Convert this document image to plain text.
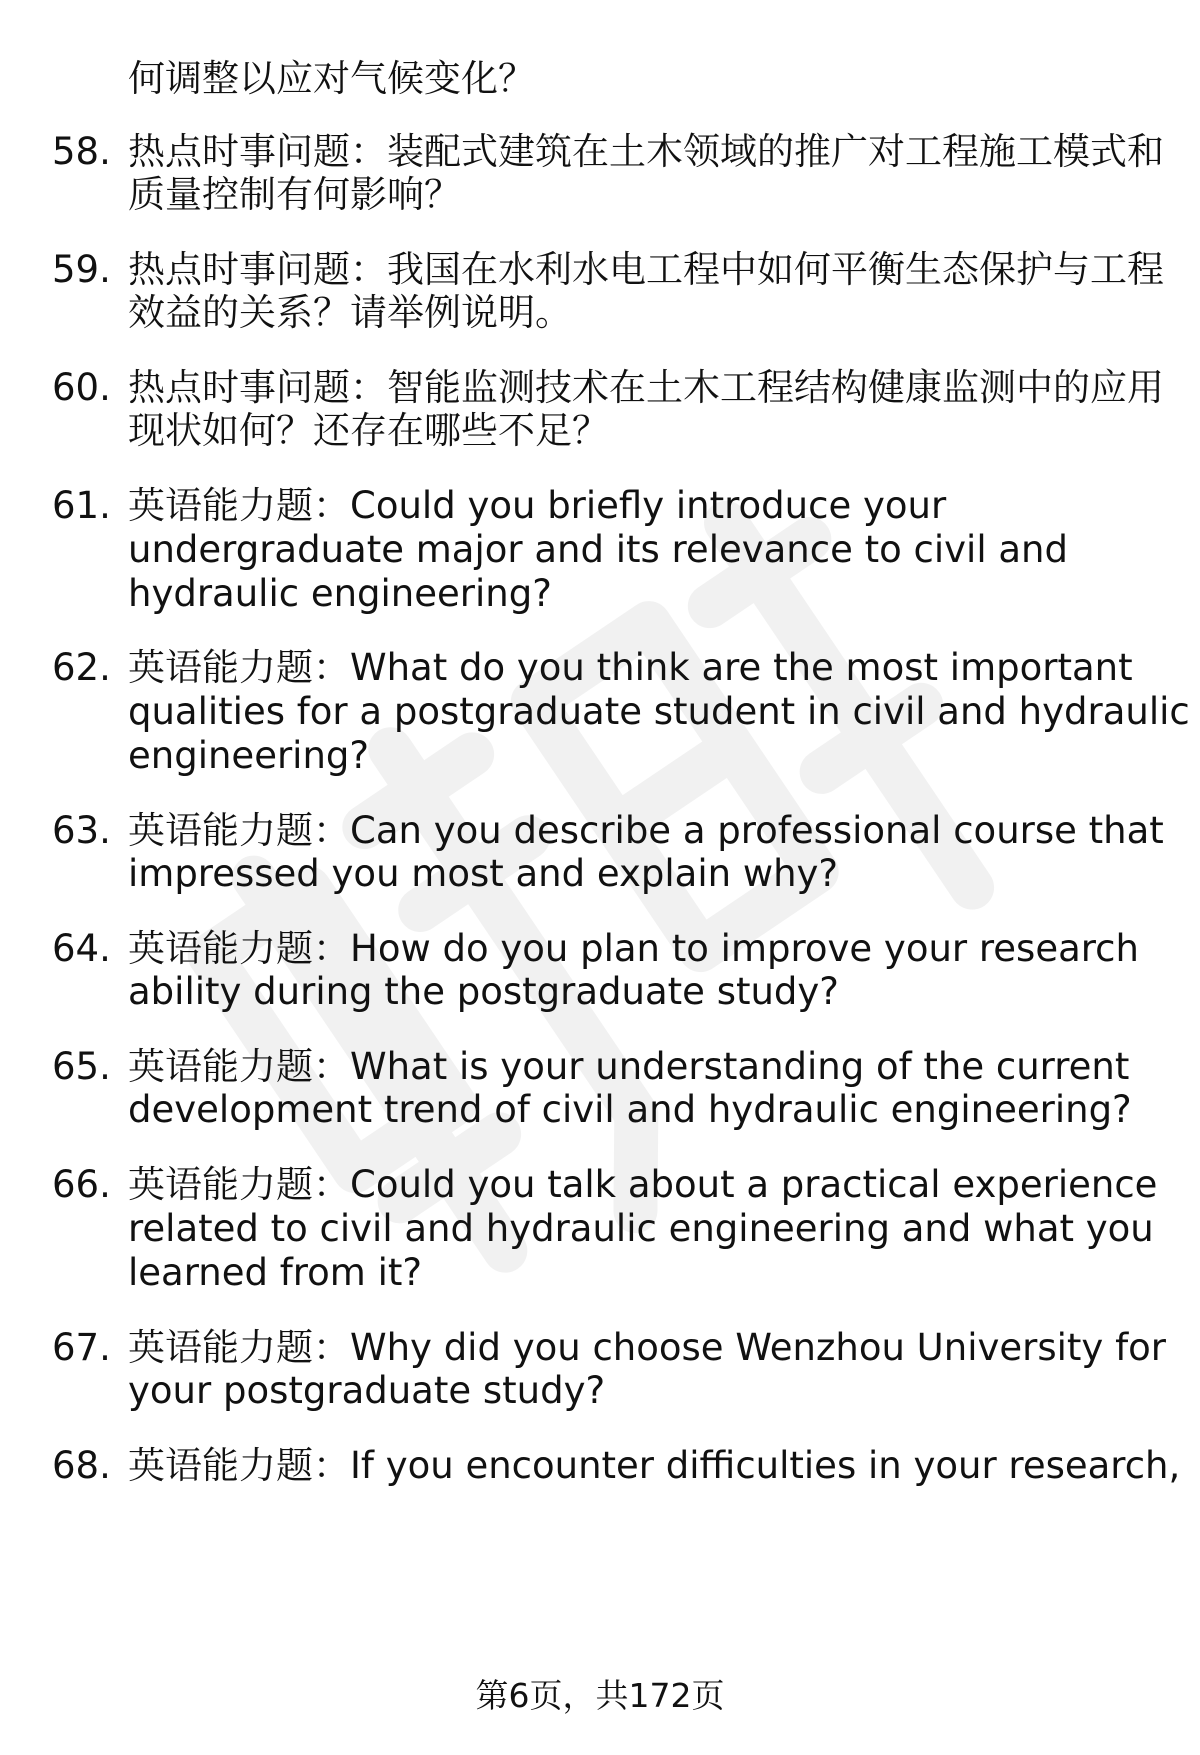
何调整以应对气候变化？
58. 热点时事问题：装配式建筑在土木领域的推广对工程施工模式和
质量控制有何影响？
59. 热点时事问题：我国在水利水电工程中如何平衡生态保护与工程
效益的关系？请举例说明。
60. 热点时事问题：智能监测技术在土木工程结构健康监测中的应用
现状如何？还存在哪些不足？
61. 英语能力题：Could you briefly introduce your
undergraduate major and its relevance to civil and
hydraulic engineering?
62. 英语能力题：What do you think are the most important
qualities for a postgraduate student in civil and hydraulic
engineering?
63. 英语能力题：Can you describe a professional course that
impressed you most and explain why?
64. 英语能力题：How do you plan to improve your research
ability during the postgraduate study?
65. 英语能力题：What is your understanding of the current
development trend of civil and hydraulic engineering?
66. 英语能力题：Could you talk about a practical experience
related to civil and hydraulic engineering and what you
learned from it?
67. 英语能力题：Why did you choose Wenzhou University for
your postgraduate study?
68. 英语能力题：If you encounter difficulties in your research,
第6页，共172页
